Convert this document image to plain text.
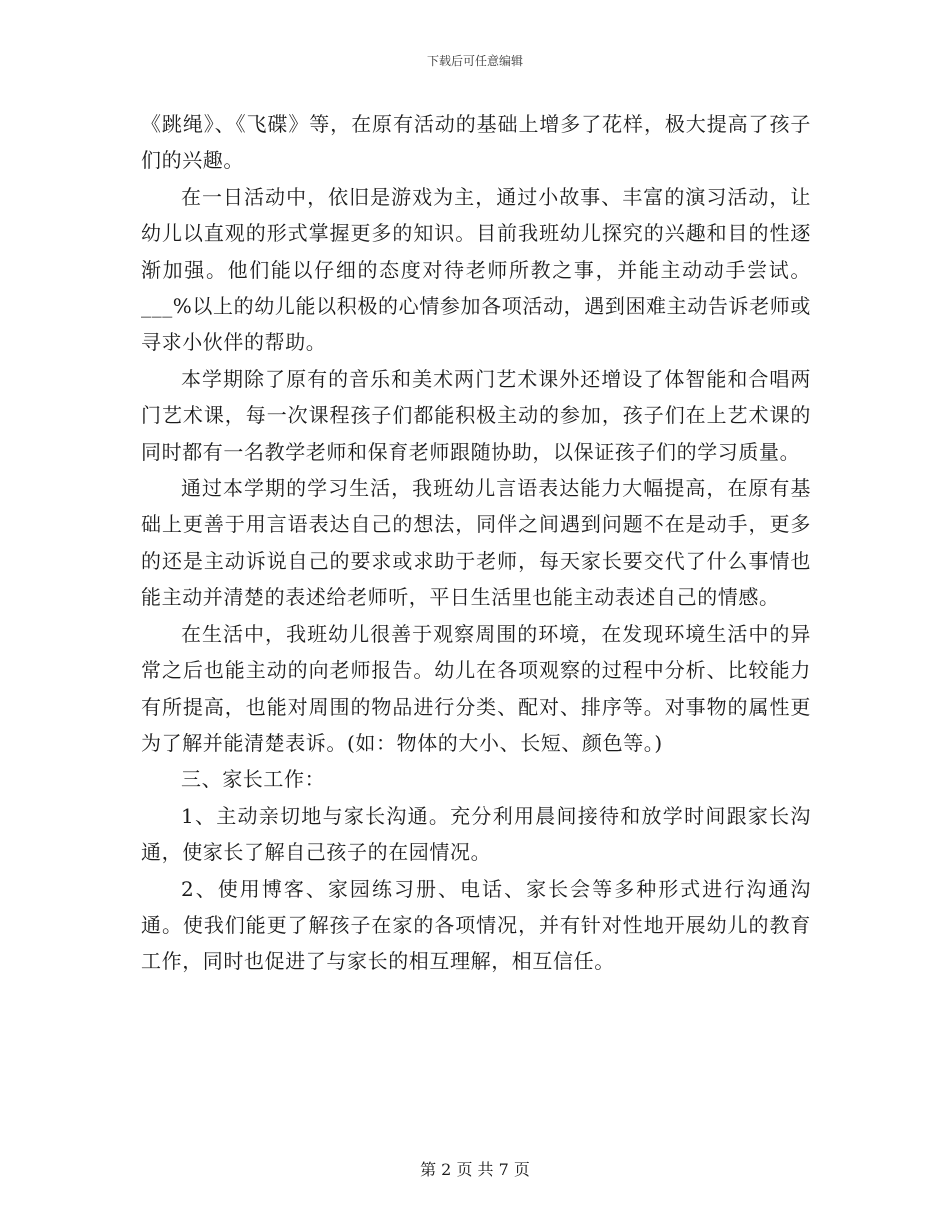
下载后可任意编辑

《跳绳》、《飞碟》等，在原有活动的基础上增多了花样，极大提高了孩子们的兴趣。

在一日活动中，依旧是游戏为主，通过小故事、丰富的演习活动，让幼儿以直观的形式掌握更多的知识。目前我班幼儿探究的兴趣和目的性逐渐加强。他们能以仔细的态度对待老师所教之事，并能主动动手尝试。___%以上的幼儿能以积极的心情参加各项活动，遇到困难主动告诉老师或寻求小伙伴的帮助。

本学期除了原有的音乐和美术两门艺术课外还增设了体智能和合唱两门艺术课，每一次课程孩子们都能积极主动的参加，孩子们在上艺术课的同时都有一名教学老师和保育老师跟随协助，以保证孩子们的学习质量。

通过本学期的学习生活，我班幼儿言语表达能力大幅提高，在原有基础上更善于用言语表达自己的想法，同伴之间遇到问题不在是动手，更多的还是主动诉说自己的要求或求助于老师，每天家长要交代了什么事情也能主动并清楚的表述给老师听，平日生活里也能主动表述自己的情感。

在生活中，我班幼儿很善于观察周围的环境，在发现环境生活中的异常之后也能主动的向老师报告。幼儿在各项观察的过程中分析、比较能力有所提高，也能对周围的物品进行分类、配对、排序等。对事物的属性更为了解并能清楚表诉。(如：物体的大小、长短、颜色等。)

三、家长工作：

1、主动亲切地与家长沟通。充分利用晨间接待和放学时间跟家长沟通，使家长了解自己孩子的在园情况。

2、使用博客、家园练习册、电话、家长会等多种形式进行沟通沟通。使我们能更了解孩子在家的各项情况，并有针对性地开展幼儿的教育工作，同时也促进了与家长的相互理解，相互信任。

第 2 页 共 7 页
